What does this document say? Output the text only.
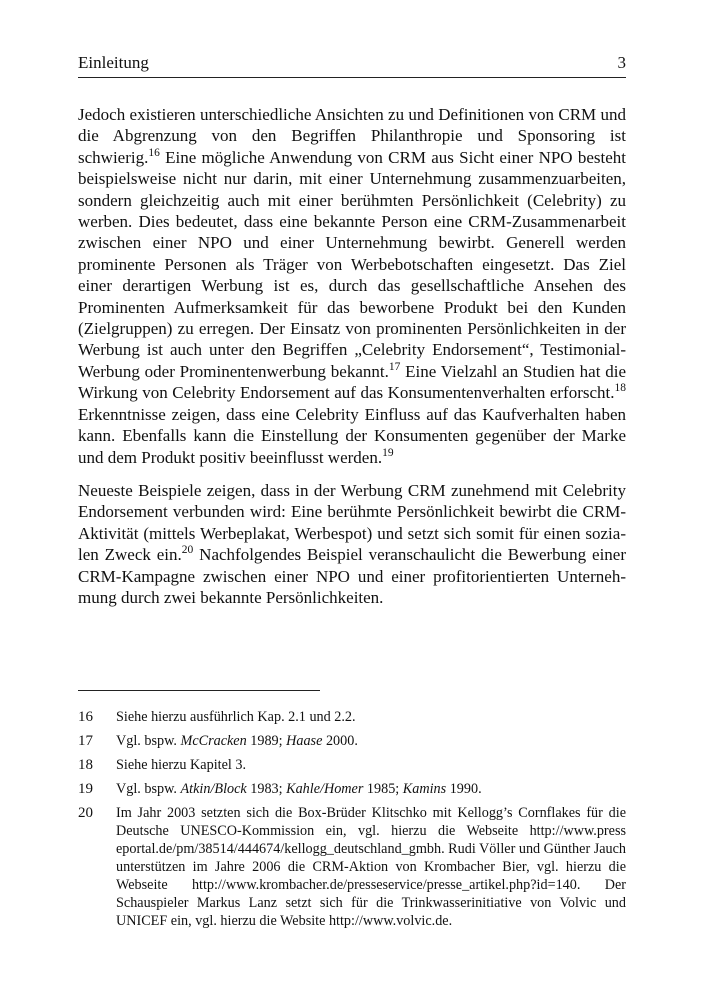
Einleitung	3

Jedoch existieren unterschiedliche Ansichten zu und Definitionen von CRM und die Abgrenzung von den Begriffen Philanthropie und Sponsoring ist schwierig.$^{16}$ Eine mögliche Anwendung von CRM aus Sicht einer NPO besteht beispielsweise nicht nur darin, mit einer Unternehmung zusammenzuarbeiten, sondern gleichzeitig auch mit einer berühmten Persönlichkeit (Celebrity) zu werben. Dies bedeutet, dass eine bekannte Person eine CRM-Zusammenarbeit zwischen einer NPO und einer Unternehmung bewirbt. Generell werden prominente Personen als Träger von Werbebotschaften eingesetzt. Das Ziel einer derartigen Werbung ist es, durch das gesellschaftliche Ansehen des Prominenten Aufmerksamkeit für das beworbene Produkt bei den Kunden (Zielgruppen) zu erregen. Der Einsatz von prominenten Persönlichkeiten in der Werbung ist auch unter den Begriffen „Celebrity Endorsement“, Testimonial-Werbung oder Prominentenwerbung bekannt.$^{17}$ Eine Vielzahl an Studien hat die Wirkung von Celebrity Endorsement auf das Konsumentenverhalten erforscht.$^{18}$ Erkenntnisse zeigen, dass eine Celebrity Einfluss auf das Kaufverhalten haben kann. Ebenfalls kann die Einstellung der Konsumenten gegenüber der Marke und dem Produkt positiv beeinflusst werden.$^{19}$

Neueste Beispiele zeigen, dass in der Werbung CRM zunehmend mit Celebrity Endorsement verbunden wird: Eine berühmte Persönlichkeit bewirbt die CRM-Aktivität (mittels Werbeplakat, Werbespot) und setzt sich somit für einen sozialen Zweck ein.$^{20}$ Nachfolgendes Beispiel veranschaulicht die Bewerbung einer CRM-Kampagne zwischen einer NPO und einer profitorientierten Unternehmung durch zwei bekannte Persönlichkeiten.

16	Siehe hierzu ausführlich Kap. 2.1 und 2.2.
17	Vgl. bspw. McCracken 1989; Haase 2000.
18	Siehe hierzu Kapitel 3.
19	Vgl. bspw. Atkin/Block 1983; Kahle/Homer 1985; Kamins 1990.
20	Im Jahr 2003 setzten sich die Box-Brüder Klitschko mit Kellogg’s Cornflakes für die Deutsche UNESCO-Kommission ein, vgl. hierzu die Webseite http://www.press​eportal.de/pm/38514/444674/kellogg_deutschland_gmbh. Rudi Völler und Günther Jauch unterstützen im Jahre 2006 die CRM-Aktion von Krombacher Bier, vgl. hierzu die Webseite http://www.krombacher.de/presseservice/presse_artikel.php?id​=140. Der Schauspieler Markus Lanz setzt sich für die Trinkwasserinitiative von Volvic und UNICEF ein, vgl. hierzu die Website http://www.volvic.de.
